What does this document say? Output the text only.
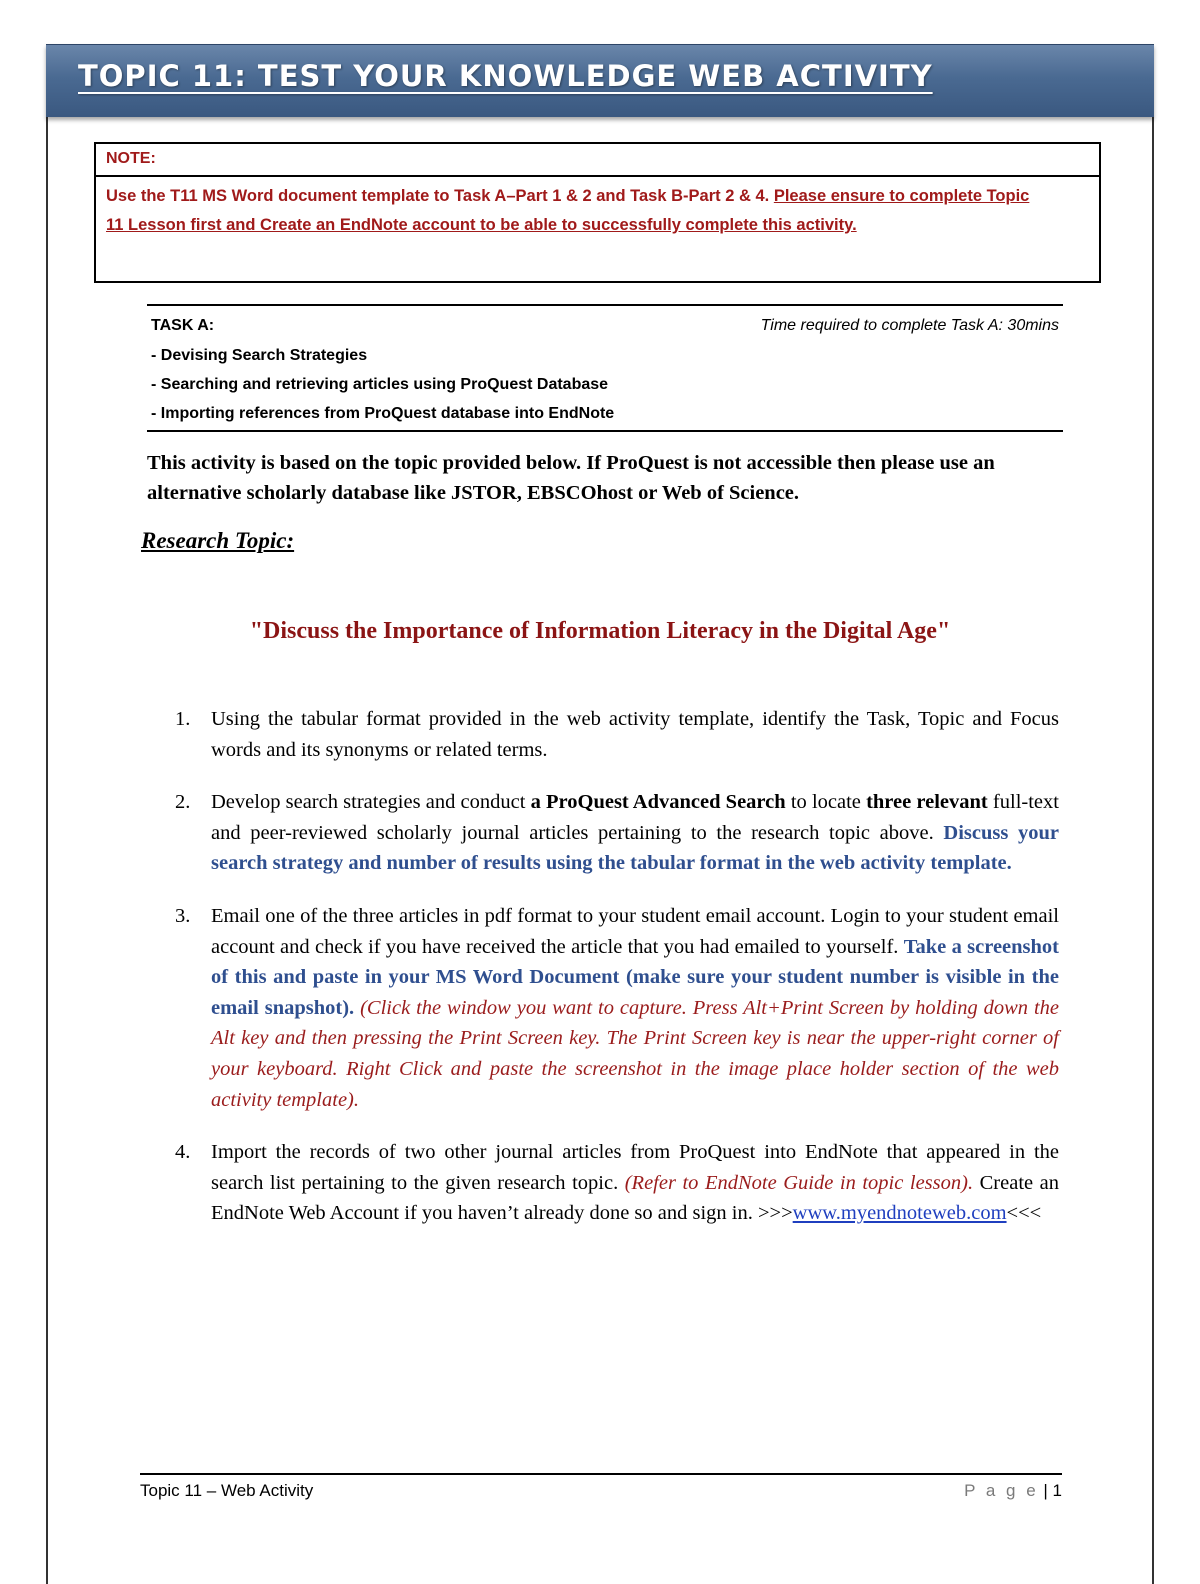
TOPIC 11: TEST YOUR KNOWLEDGE WEB ACTIVITY
NOTE:
Use the T11 MS Word document template to Task A–Part 1 & 2 and Task B-Part 2 & 4. Please ensure to complete Topic 11 Lesson first and Create an EndNote account to be able to successfully complete this activity.
TASK A:	Time required to complete Task A: 30mins
- Devising Search Strategies
- Searching and retrieving articles using ProQuest Database
- Importing references from ProQuest database into EndNote

This activity is based on the topic provided below. If ProQuest is not accessible then please use an alternative scholarly database like JSTOR, EBSCOhost or Web of Science.

Research Topic:

"Discuss the Importance of Information Literacy in the Digital Age"

1. Using the tabular format provided in the web activity template, identify the Task, Topic and Focus words and its synonyms or related terms.
2. Develop search strategies and conduct a ProQuest Advanced Search to locate three relevant full-text and peer-reviewed scholarly journal articles pertaining to the research topic above. Discuss your search strategy and number of results using the tabular format in the web activity template.
3. Email one of the three articles in pdf format to your student email account. Login to your student email account and check if you have received the article that you had emailed to yourself. Take a screenshot of this and paste in your MS Word Document (make sure your student number is visible in the email snapshot). (Click the window you want to capture. Press Alt+Print Screen by holding down the Alt key and then pressing the Print Screen key. The Print Screen key is near the upper-right corner of your keyboard. Right Click and paste the screenshot in the image place holder section of the web activity template).
4. Import the records of two other journal articles from ProQuest into EndNote that appeared in the search list pertaining to the given research topic. (Refer to EndNote Guide in topic lesson). Create an EndNote Web Account if you haven’t already done so and sign in. >>>www.myendnoteweb.com<<<
Topic 11 – Web Activity	P a g e | 1
